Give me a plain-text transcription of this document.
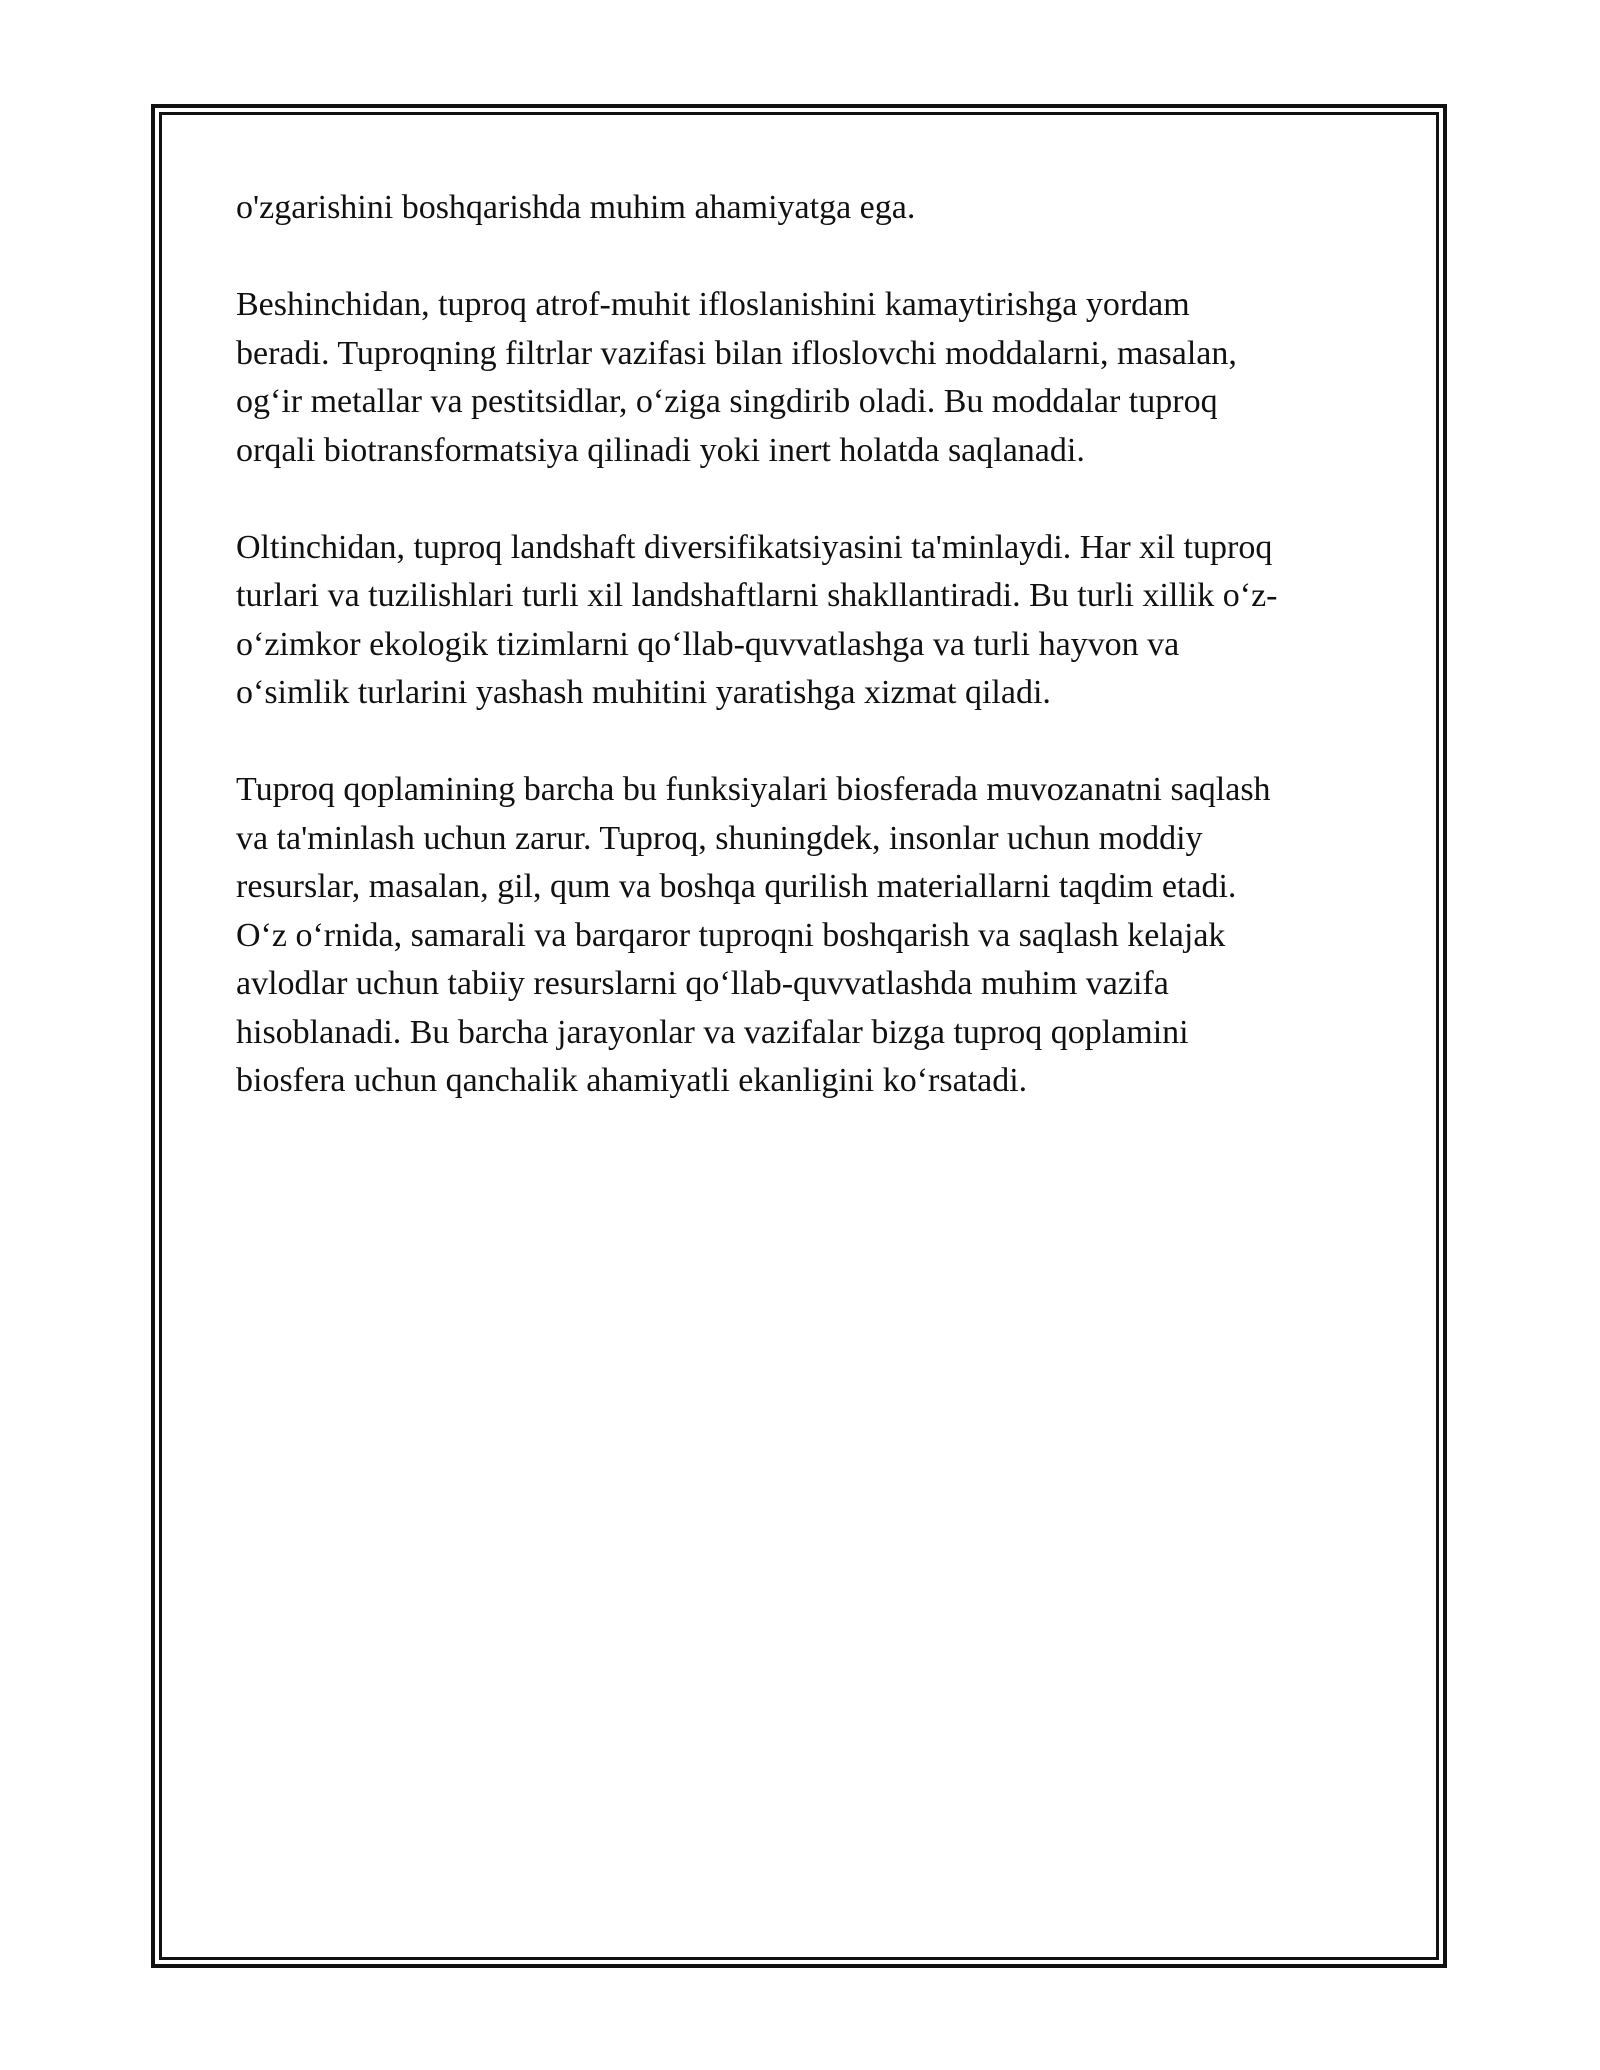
o'zgarishini boshqarishda muhim ahamiyatga ega.

Beshinchidan, tuproq atrof-muhit ifloslanishini kamaytirishga yordam
beradi. Tuproqning filtrlar vazifasi bilan ifloslovchi moddalarni, masalan,
og‘ir metallar va pestitsidlar, o‘ziga singdirib oladi. Bu moddalar tuproq
orqali biotransformatsiya qilinadi yoki inert holatda saqlanadi.

Oltinchidan, tuproq landshaft diversifikatsiyasini ta'minlaydi. Har xil tuproq
turlari va tuzilishlari turli xil landshaftlarni shakllantiradi. Bu turli xillik o‘z-
o‘zimkor ekologik tizimlarni qo‘llab-quvvatlashga va turli hayvon va
o‘simlik turlarini yashash muhitini yaratishga xizmat qiladi.

Tuproq qoplamining barcha bu funksiyalari biosferada muvozanatni saqlash
va ta'minlash uchun zarur. Tuproq, shuningdek, insonlar uchun moddiy
resurslar, masalan, gil, qum va boshqa qurilish materiallarni taqdim etadi.
O‘z o‘rnida, samarali va barqaror tuproqni boshqarish va saqlash kelajak
avlodlar uchun tabiiy resurslarni qo‘llab-quvvatlashda muhim vazifa
hisoblanadi. Bu barcha jarayonlar va vazifalar bizga tuproq qoplamini
biosfera uchun qanchalik ahamiyatli ekanligini ko‘rsatadi.
